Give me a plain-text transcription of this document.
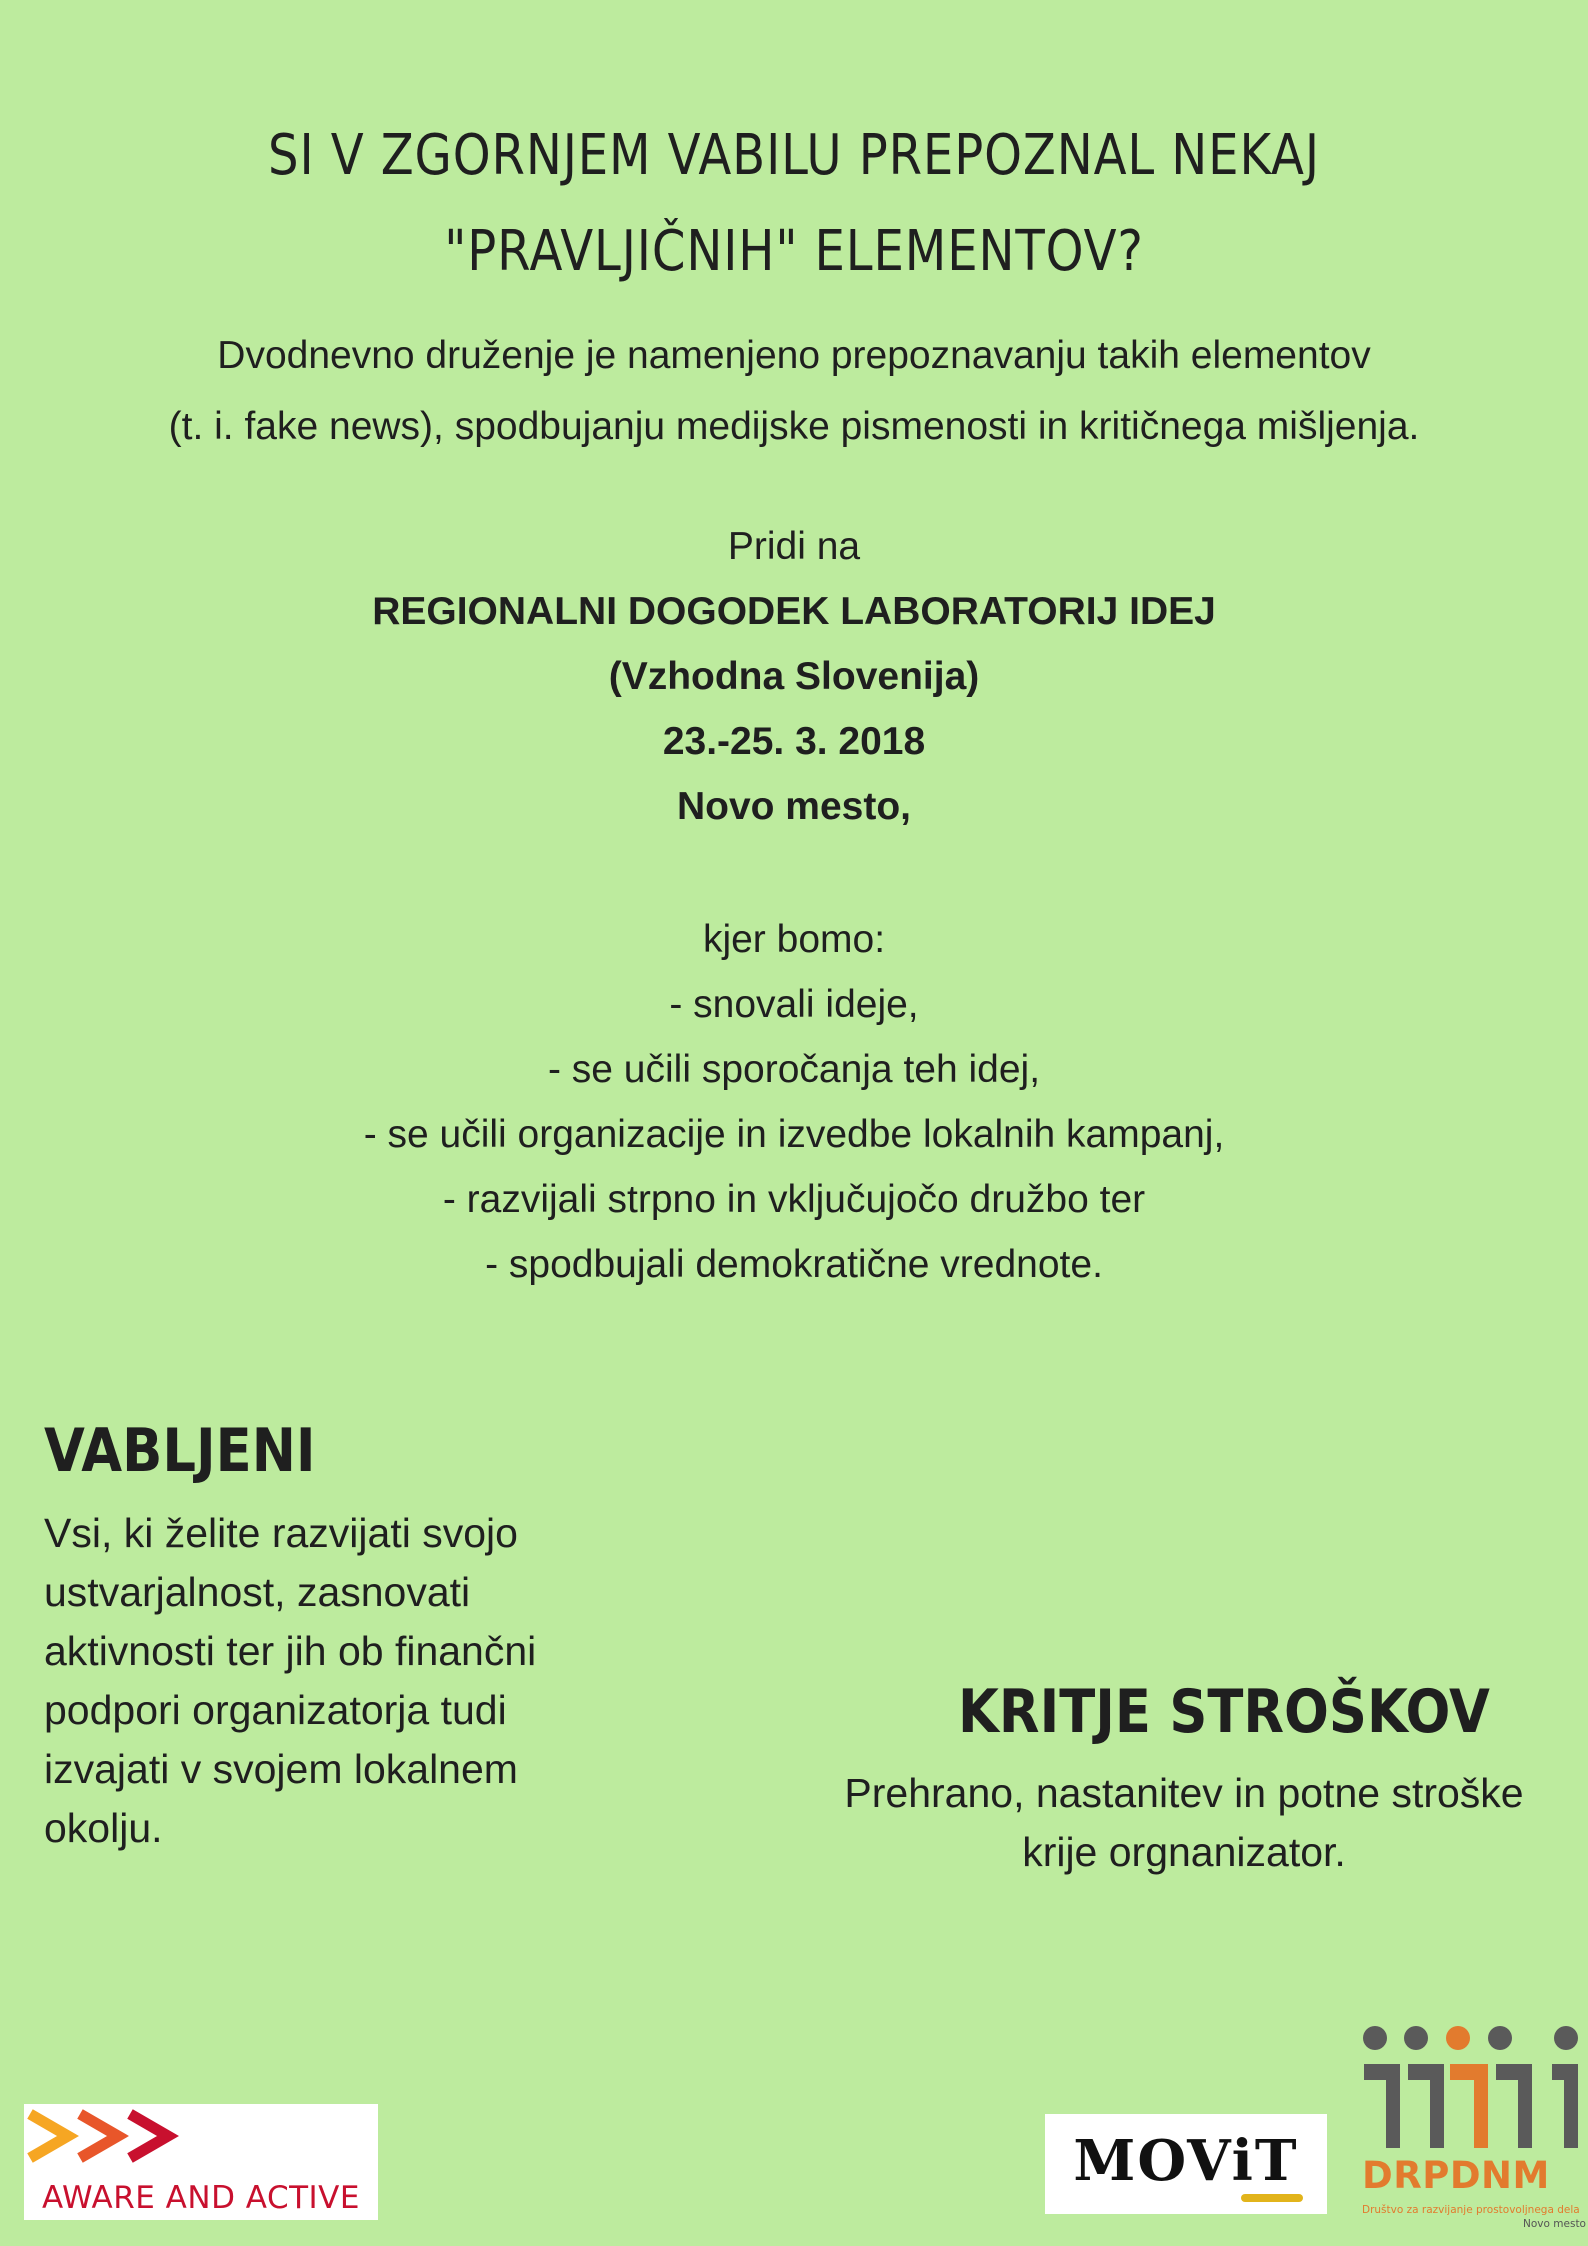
SI V ZGORNJEM VABILU PREPOZNAL NEKAJ
"PRAVLJIČNIH" ELEMENTOV?
Dvodnevno druženje je namenjeno prepoznavanju takih elementov
(t. i. fake news), spodbujanju medijske pismenosti in kritičnega mišljenja.
Pridi na
REGIONALNI DOGODEK LABORATORIJ IDEJ
(Vzhodna Slovenija)
23.-25. 3. 2018
Novo mesto,
kjer bomo:
- snovali ideje,
- se učili sporočanja teh idej,
- se učili organizacije in izvedbe lokalnih kampanj,
- razvijali strpno in vključujočo družbo ter
- spodbujali demokratične vrednote.
VABLJENI
Vsi, ki želite razvijati svojo
ustvarjalnost, zasnovati
aktivnosti ter jih ob finančni
podpori organizatorja tudi
izvajati v svojem lokalnem
okolju.
KRITJE STROŠKOV
Prehrano, nastanitev in potne stroške
krije orgnanizator.
AWARE AND ACTIVE
MOViT	DRPDNM
Društvo za razvijanje prostovoljnega dela
Novo mesto
